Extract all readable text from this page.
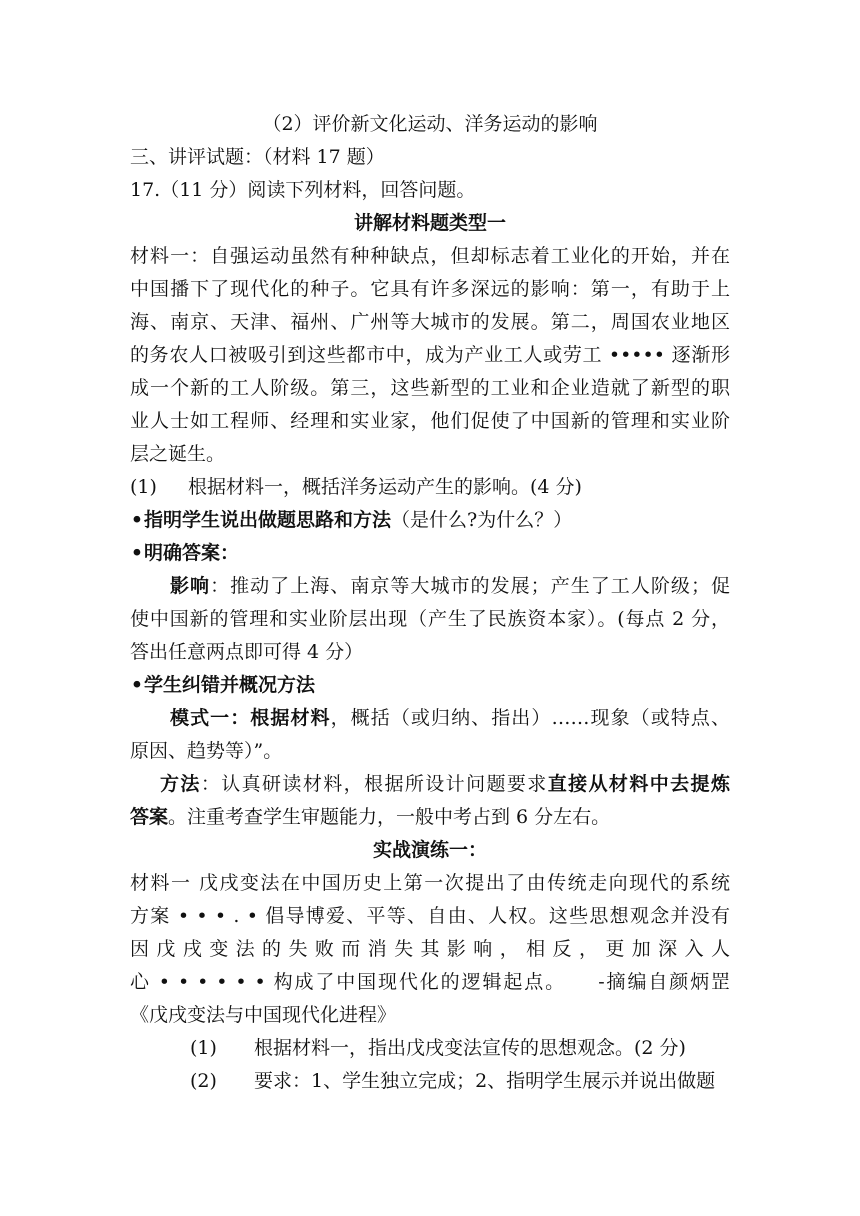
（2）评价新文化运动、洋务运动的影响
三、讲评试题：（材料 17 题）
17.（11 分）阅读下列材料，回答问题。
讲解材料题类型一
材料一：自强运动虽然有种种缺点，但却标志着工业化的开始，并在
中国播下了现代化的种子。它具有许多深远的影响：第一，有助于上
海、南京、天津、福州、广州等大城市的发展。第二，周国农业地区
的务农人口被吸引到这些都市中，成为产业工人或劳工 ••••• 逐渐形
成一个新的工人阶级。第三，这些新型的工业和企业造就了新型的职
业人士如工程师、经理和实业家，他们促使了中国新的管理和实业阶
层之诞生。
(1) 根据材料一，概括洋务运动产生的影响。(4 分)
•指明学生说出做题思路和方法（是什么?为什么？）
•明确答案：
影响：推动了上海、南京等大城市的发展；产生了工人阶级；促
使中国新的管理和实业阶层出现（产生了民族资本家）。(每点 2 分，
答出任意两点即可得 4 分）
•学生纠错并概况方法
模式一：根据材料，概括（或归纳、指出）……现象（或特点、
原因、趋势等）”。
方法：认真研读材料，根据所设计问题要求直接从材料中去提炼
答案。注重考查学生审题能力，一般中考占到 6 分左右。
实战演练一：
材料一 戊戌变法在中国历史上第一次提出了由传统走向现代的系统
方案 • • • . • 倡导博爱、平等、自由、人权。这些思想观念并没有
因戊戌变法的失败而消失其影响，相反，更加深入人
心 • • • • • • 构成了中国现代化的逻辑起点。　　-摘编自颜炳罡
《戊戌变法与中国现代化进程》
(1) 根据材料一，指出戊戌变法宣传的思想观念。(2 分)
(2) 要求：1、学生独立完成；2、指明学生展示并说出做题
